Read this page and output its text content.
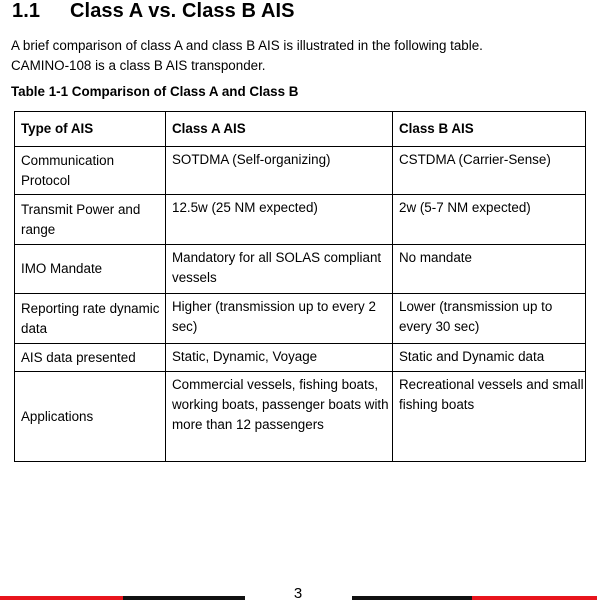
1.1 Class A vs. Class B AIS
A brief comparison of class A and class B AIS is illustrated in the following table.
CAMINO-108 is a class B AIS transponder.
Table 1-1 Comparison of Class A and Class B
Type of AIS	Class A AIS	Class B AIS
Communication Protocol	SOTDMA (Self-organizing)	CSTDMA (Carrier-Sense)
Transmit Power and range	12.5w (25 NM expected)	2w (5-7 NM expected)
IMO Mandate	Mandatory for all SOLAS compliant vessels	No mandate
Reporting rate dynamic data	Higher (transmission up to every 2 sec)	Lower (transmission up to every 30 sec)
AIS data presented	Static, Dynamic, Voyage	Static and Dynamic data
Applications	Commercial vessels, fishing boats, working boats, passenger boats with more than 12 passengers	Recreational vessels and small fishing boats
3
